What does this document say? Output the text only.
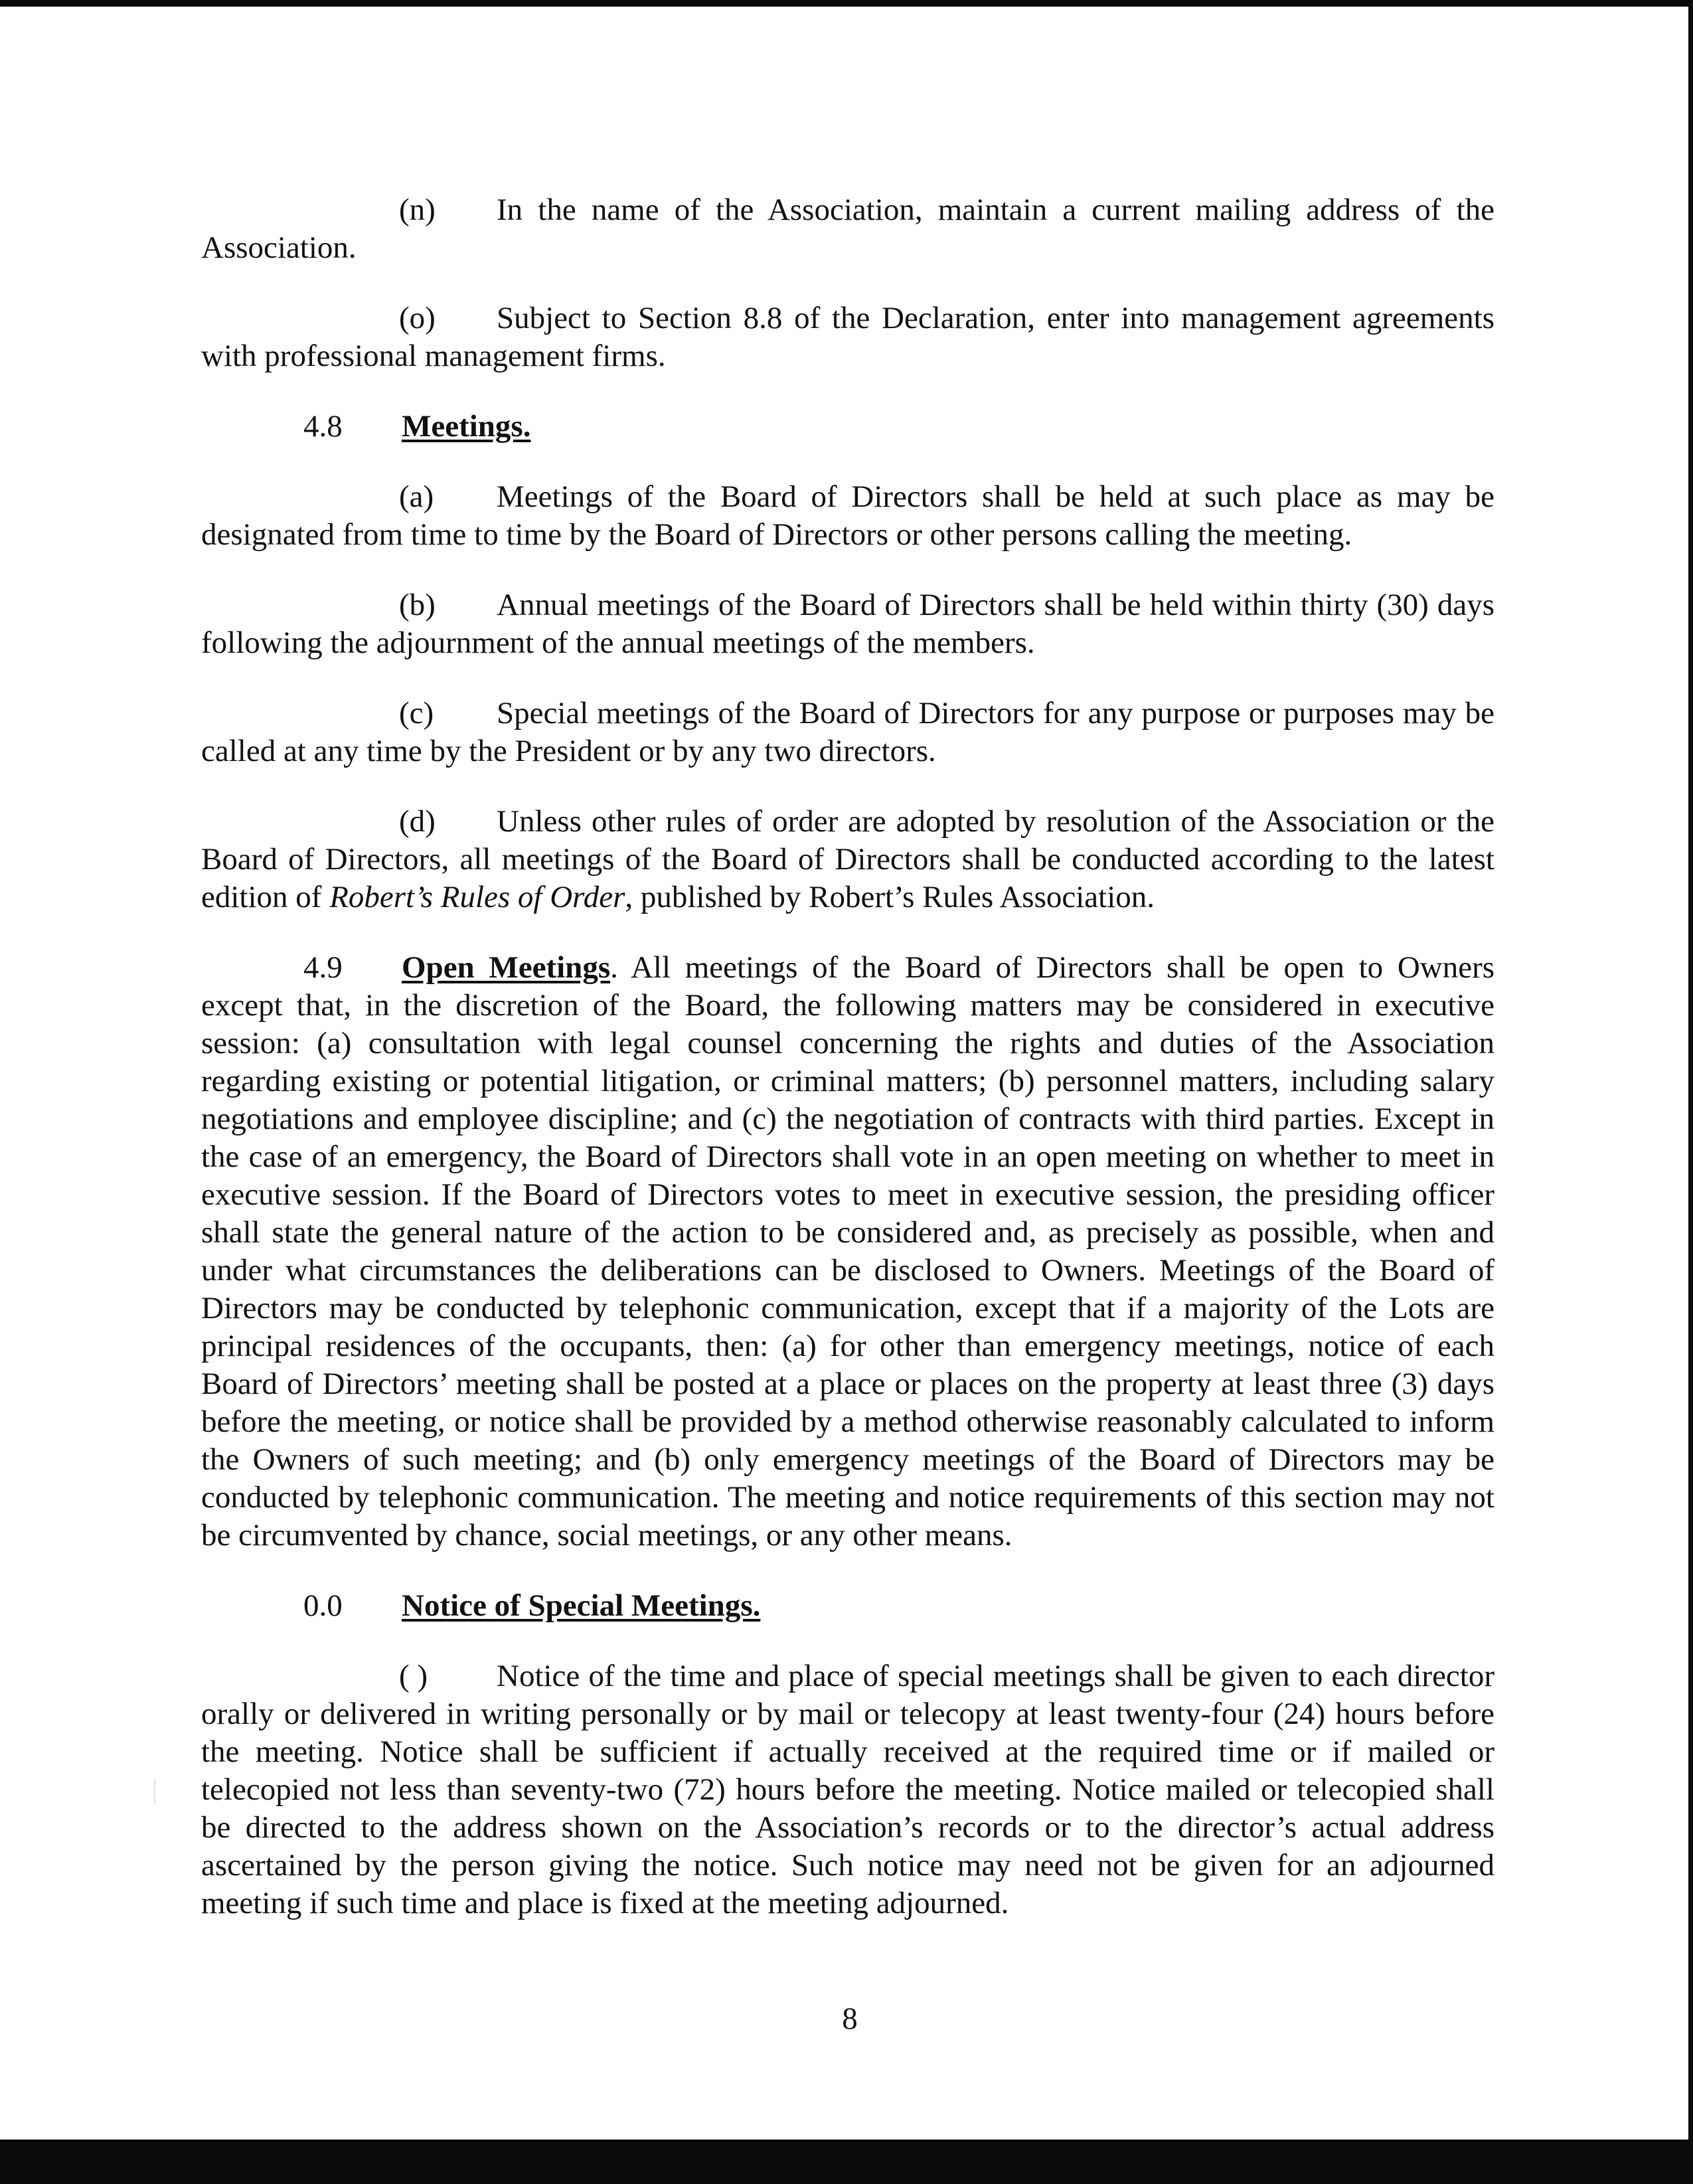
(n) In the name of the Association, maintain a current mailing address of the Association.

(o) Subject to Section 8.8 of the Declaration, enter into management agreements with professional management firms.

4.8 Meetings.

(a) Meetings of the Board of Directors shall be held at such place as may be designated from time to time by the Board of Directors or other persons calling the meeting.

(b) Annual meetings of the Board of Directors shall be held within thirty (30) days following the adjournment of the annual meetings of the members.

(c) Special meetings of the Board of Directors for any purpose or purposes may be called at any time by the President or by any two directors.

(d) Unless other rules of order are adopted by resolution of the Association or the Board of Directors, all meetings of the Board of Directors shall be conducted according to the latest edition of Robert’s Rules of Order, published by Robert’s Rules Association.

4.9 Open Meetings. All meetings of the Board of Directors shall be open to Owners except that, in the discretion of the Board, the following matters may be considered in executive session: (a) consultation with legal counsel concerning the rights and duties of the Association regarding existing or potential litigation, or criminal matters; (b) personnel matters, including salary negotiations and employee discipline; and (c) the negotiation of contracts with third parties. Except in the case of an emergency, the Board of Directors shall vote in an open meeting on whether to meet in executive session. If the Board of Directors votes to meet in executive session, the presiding officer shall state the general nature of the action to be considered and, as precisely as possible, when and under what circumstances the deliberations can be disclosed to Owners. Meetings of the Board of Directors may be conducted by telephonic communication, except that if a majority of the Lots are principal residences of the occupants, then: (a) for other than emergency meetings, notice of each Board of Directors’ meeting shall be posted at a place or places on the property at least three (3) days before the meeting, or notice shall be provided by a method otherwise reasonably calculated to inform the Owners of such meeting; and (b) only emergency meetings of the Board of Directors may be conducted by telephonic communication. The meeting and notice requirements of this section may not be circumvented by chance, social meetings, or any other means.

0.0 Notice of Special Meetings.

( ) Notice of the time and place of special meetings shall be given to each director orally or delivered in writing personally or by mail or telecopy at least twenty-four (24) hours before the meeting. Notice shall be sufficient if actually received at the required time or if mailed or telecopied not less than seventy-two (72) hours before the meeting. Notice mailed or telecopied shall be directed to the address shown on the Association’s records or to the director’s actual address ascertained by the person giving the notice. Such notice may need not be given for an adjourned meeting if such time and place is fixed at the meeting adjourned.

8
